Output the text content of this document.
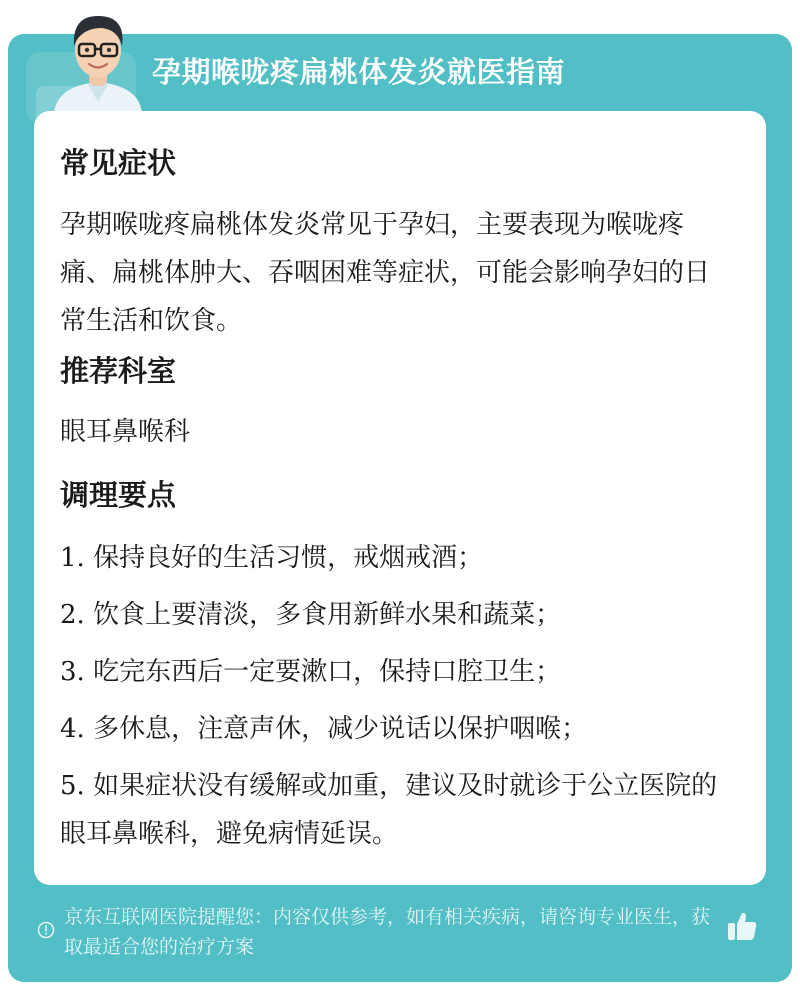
孕期喉咙疼扁桃体发炎就医指南
常见症状
孕期喉咙疼扁桃体发炎常见于孕妇，主要表现为喉咙疼痛、扁桃体肿大、吞咽困难等症状，可能会影响孕妇的日常生活和饮食。
推荐科室
眼耳鼻喉科
调理要点
1. 保持良好的生活习惯，戒烟戒酒；
2. 饮食上要清淡，多食用新鲜水果和蔬菜；
3. 吃完东西后一定要漱口，保持口腔卫生；
4. 多休息，注意声休，减少说话以保护咽喉；
5. 如果症状没有缓解或加重，建议及时就诊于公立医院的眼耳鼻喉科，避免病情延误。
京东互联网医院提醒您：内容仅供参考，如有相关疾病，请咨询专业医生，获取最适合您的治疗方案
